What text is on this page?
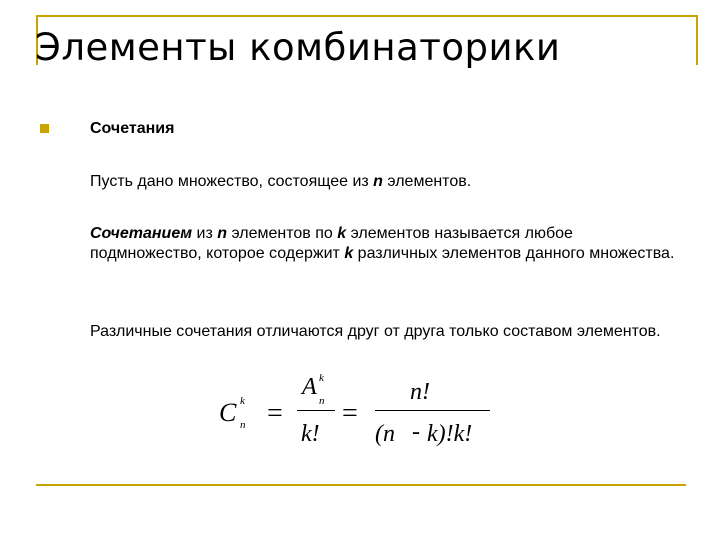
Элементы комбинаторики
Сочетания
Пусть дано множество, состоящее из n элементов.
Сочетанием из n элементов по k элементов называется любое подмножество, которое содержит k различных элементов данного множества.
Различные сочетания отличаются друг от друга только составом элементов.
C k
n =
A k
n
k!
=
n!
(n - k)!k!
